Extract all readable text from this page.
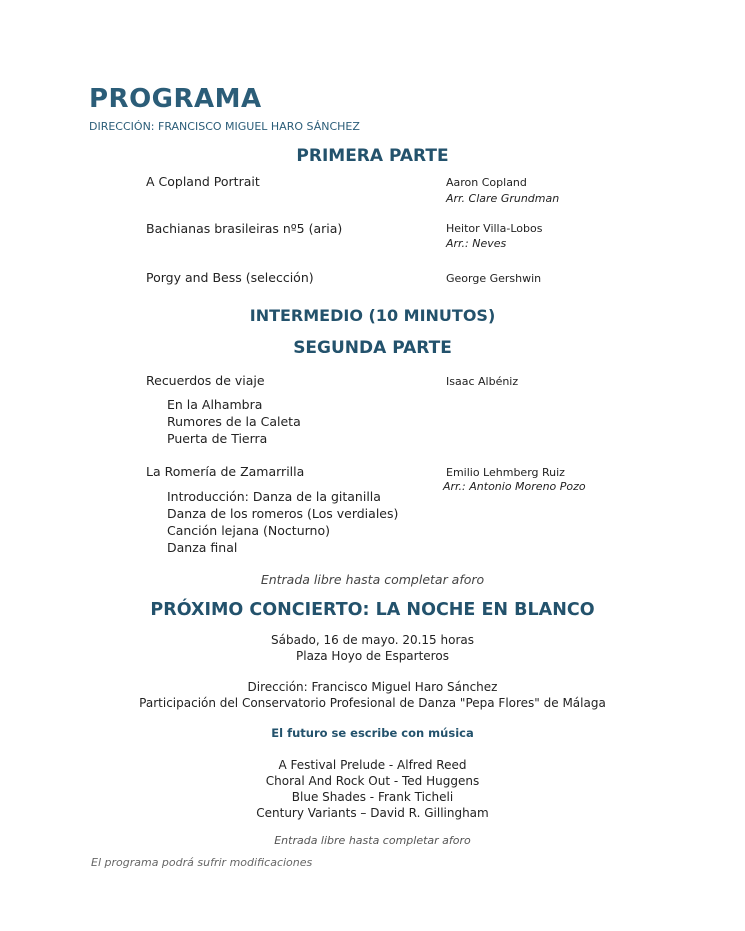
PROGRAMA
DIRECCIÓN: FRANCISCO MIGUEL HARO SÁNCHEZ
PRIMERA PARTE
A Copland Portrait	Aaron Copland
Arr. Clare Grundman
Bachianas brasileiras nº5 (aria)	Heitor Villa-Lobos
Arr.: Neves
Porgy and Bess (selección)	George Gershwin
INTERMEDIO (10 MINUTOS)
SEGUNDA PARTE
Recuerdos de viaje	Isaac Albéniz
En la Alhambra
Rumores de la Caleta
Puerta de Tierra
La Romería de Zamarrilla	Emilio Lehmberg Ruiz
Arr.: Antonio Moreno Pozo
Introducción: Danza de la gitanilla
Danza de los romeros (Los verdiales)
Canción lejana (Nocturno)
Danza final
Entrada libre hasta completar aforo
PRÓXIMO CONCIERTO: LA NOCHE EN BLANCO
Sábado, 16 de mayo. 20.15 horas
Plaza Hoyo de Esparteros
Dirección: Francisco Miguel Haro Sánchez
Participación del Conservatorio Profesional de Danza "Pepa Flores" de Málaga
El futuro se escribe con música
A Festival Prelude - Alfred Reed
Choral And Rock Out - Ted Huggens
Blue Shades - Frank Ticheli
Century Variants – David R. Gillingham
Entrada libre hasta completar aforo
El programa podrá sufrir modificaciones
